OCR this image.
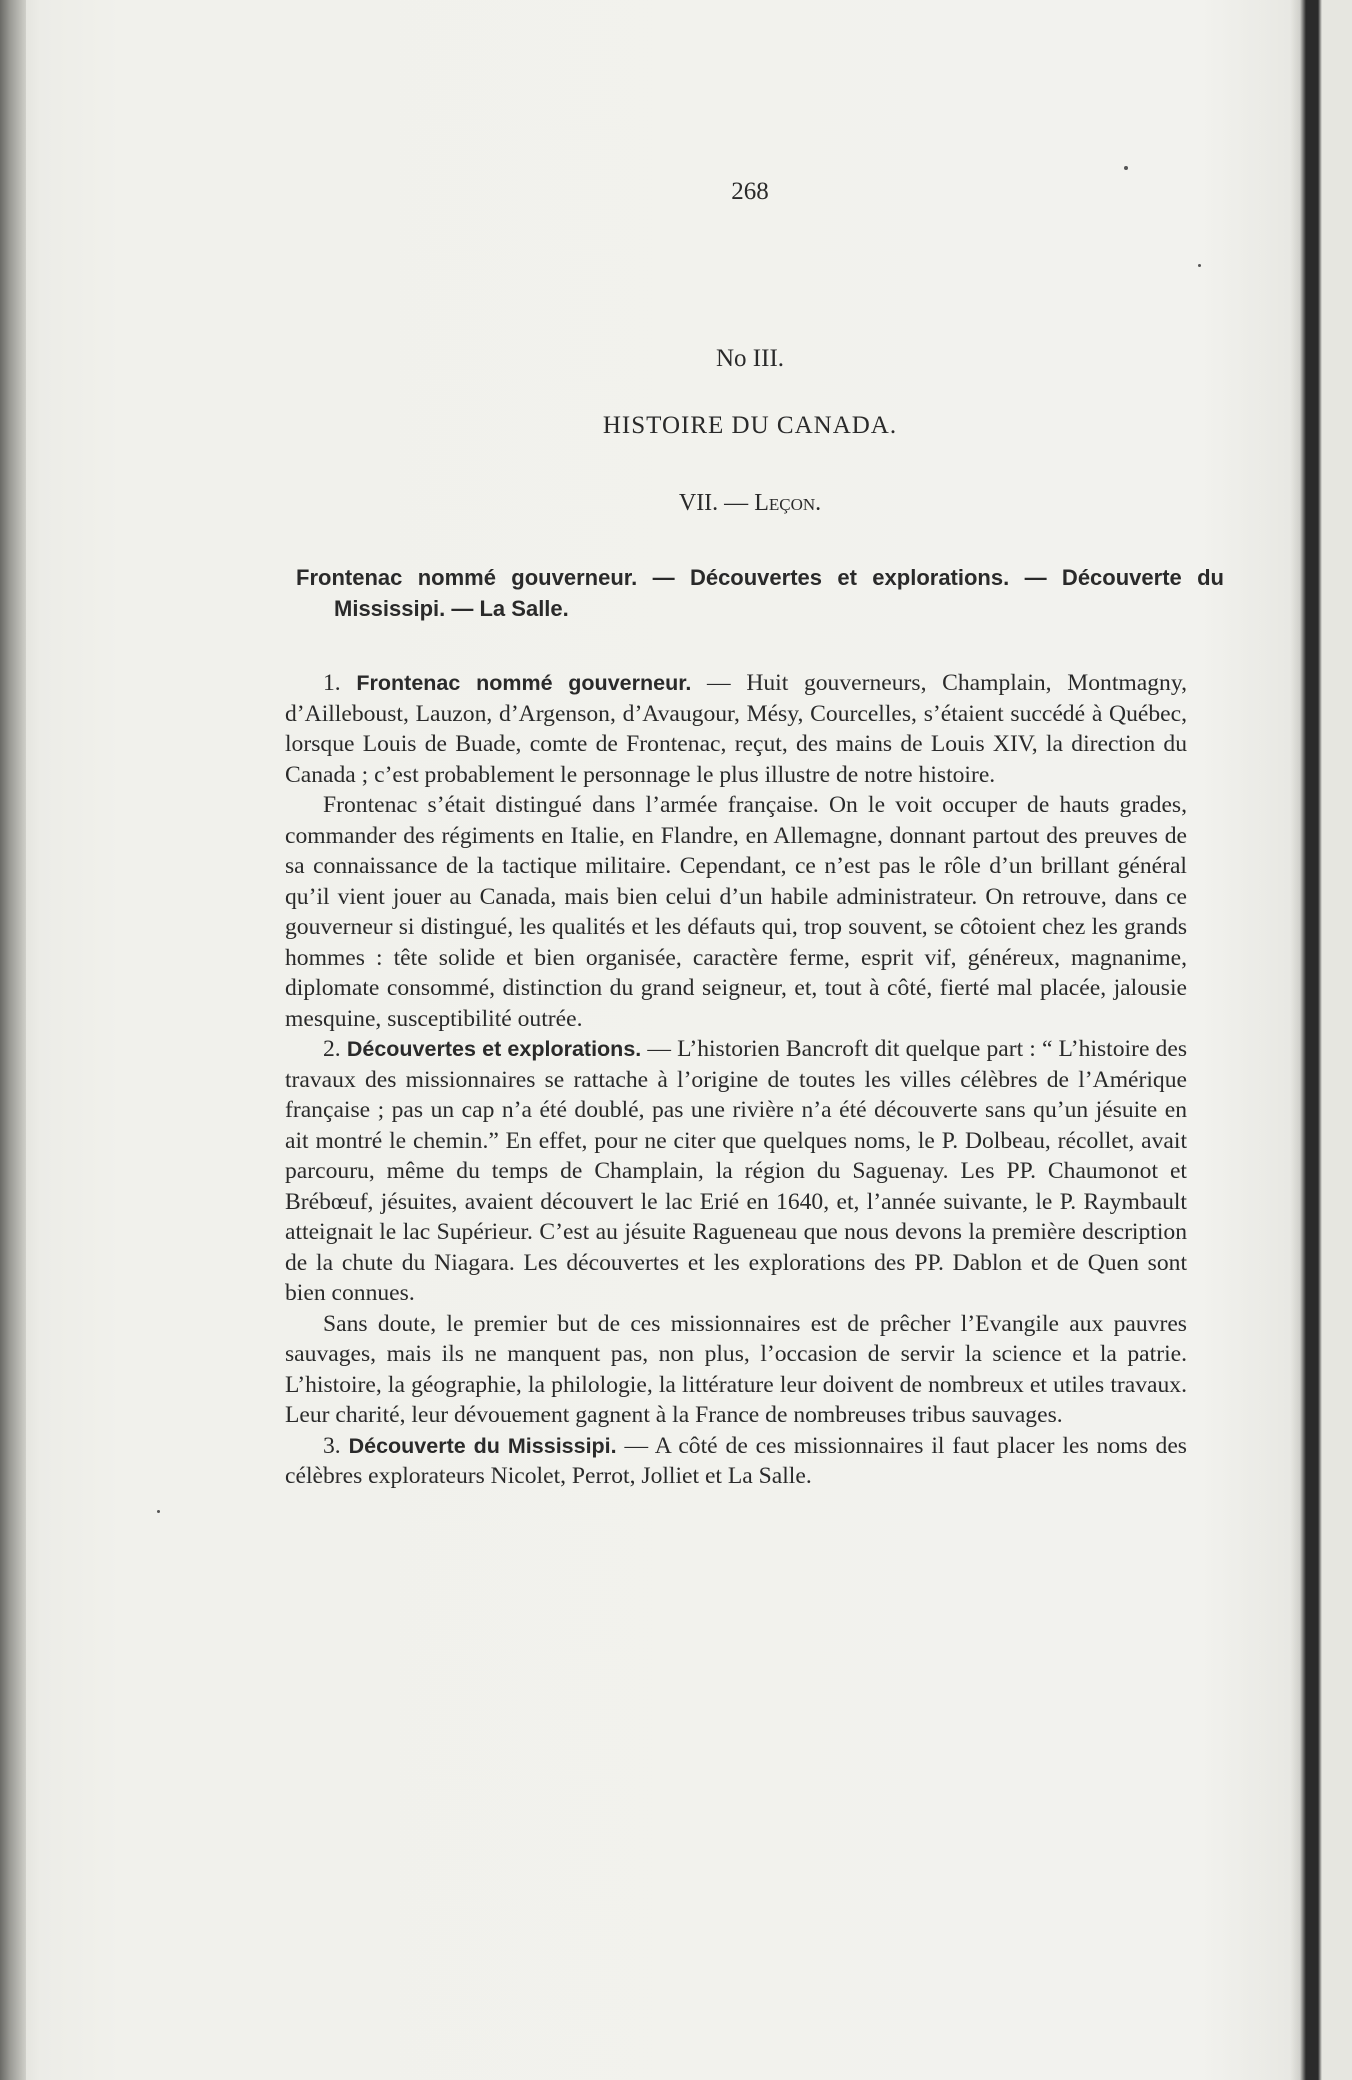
268
No III.
HISTOIRE DU CANADA.
VII. — Leçon.
Frontenac nommé gouverneur. — Découvertes et explorations. — Découverte du Mississipi. — La Salle.

1. Frontenac nommé gouverneur. — Huit gouverneurs, Champlain, Montmagny, d’Ailleboust, Lauzon, d’Argenson, d’Avaugour, Mésy, Courcelles, s’étaient succédé à Québec, lorsque Louis de Buade, comte de Frontenac, reçut, des mains de Louis XIV, la direction du Canada ; c’est probablement le personnage le plus illustre de notre histoire.

Frontenac s’était distingué dans l’armée française. On le voit occuper de hauts grades, commander des régiments en Italie, en Flandre, en Allemagne, donnant partout des preuves de sa connaissance de la tactique militaire. Cependant, ce n’est pas le rôle d’un brillant général qu’il vient jouer au Canada, mais bien celui d’un habile administrateur. On retrouve, dans ce gouverneur si distingué, les qualités et les défauts qui, trop souvent, se côtoient chez les grands hommes : tête solide et bien organisée, caractère ferme, esprit vif, généreux, magnanime, diplomate consommé, distinction du grand seigneur, et, tout à côté, fierté mal placée, jalousie mesquine, susceptibilité outrée.

2. Découvertes et explorations. — L’historien Bancroft dit quelque part : “ L’histoire des travaux des missionnaires se rattache à l’origine de toutes les villes célèbres de l’Amérique française ; pas un cap n’a été doublé, pas une rivière n’a été découverte sans qu’un jésuite en ait montré le chemin.” En effet, pour ne citer que quelques noms, le P. Dolbeau, récollet, avait parcouru, même du temps de Champlain, la région du Saguenay. Les PP. Chaumonot et Brébœuf, jésuites, avaient découvert le lac Erié en 1640, et, l’année suivante, le P. Raymbault atteignait le lac Supérieur. C’est au jésuite Ragueneau que nous devons la première description de la chute du Niagara. Les découvertes et les explorations des PP. Dablon et de Quen sont bien connues.

Sans doute, le premier but de ces missionnaires est de prêcher l’Evangile aux pauvres sauvages, mais ils ne manquent pas, non plus, l’occasion de servir la science et la patrie. L’histoire, la géographie, la philologie, la littérature leur doivent de nombreux et utiles travaux. Leur charité, leur dévouement gagnent à la France de nombreuses tribus sauvages.

3. Découverte du Mississipi. — A côté de ces missionnaires il faut placer les noms des célèbres explorateurs Nicolet, Perrot, Jolliet et La Salle.
